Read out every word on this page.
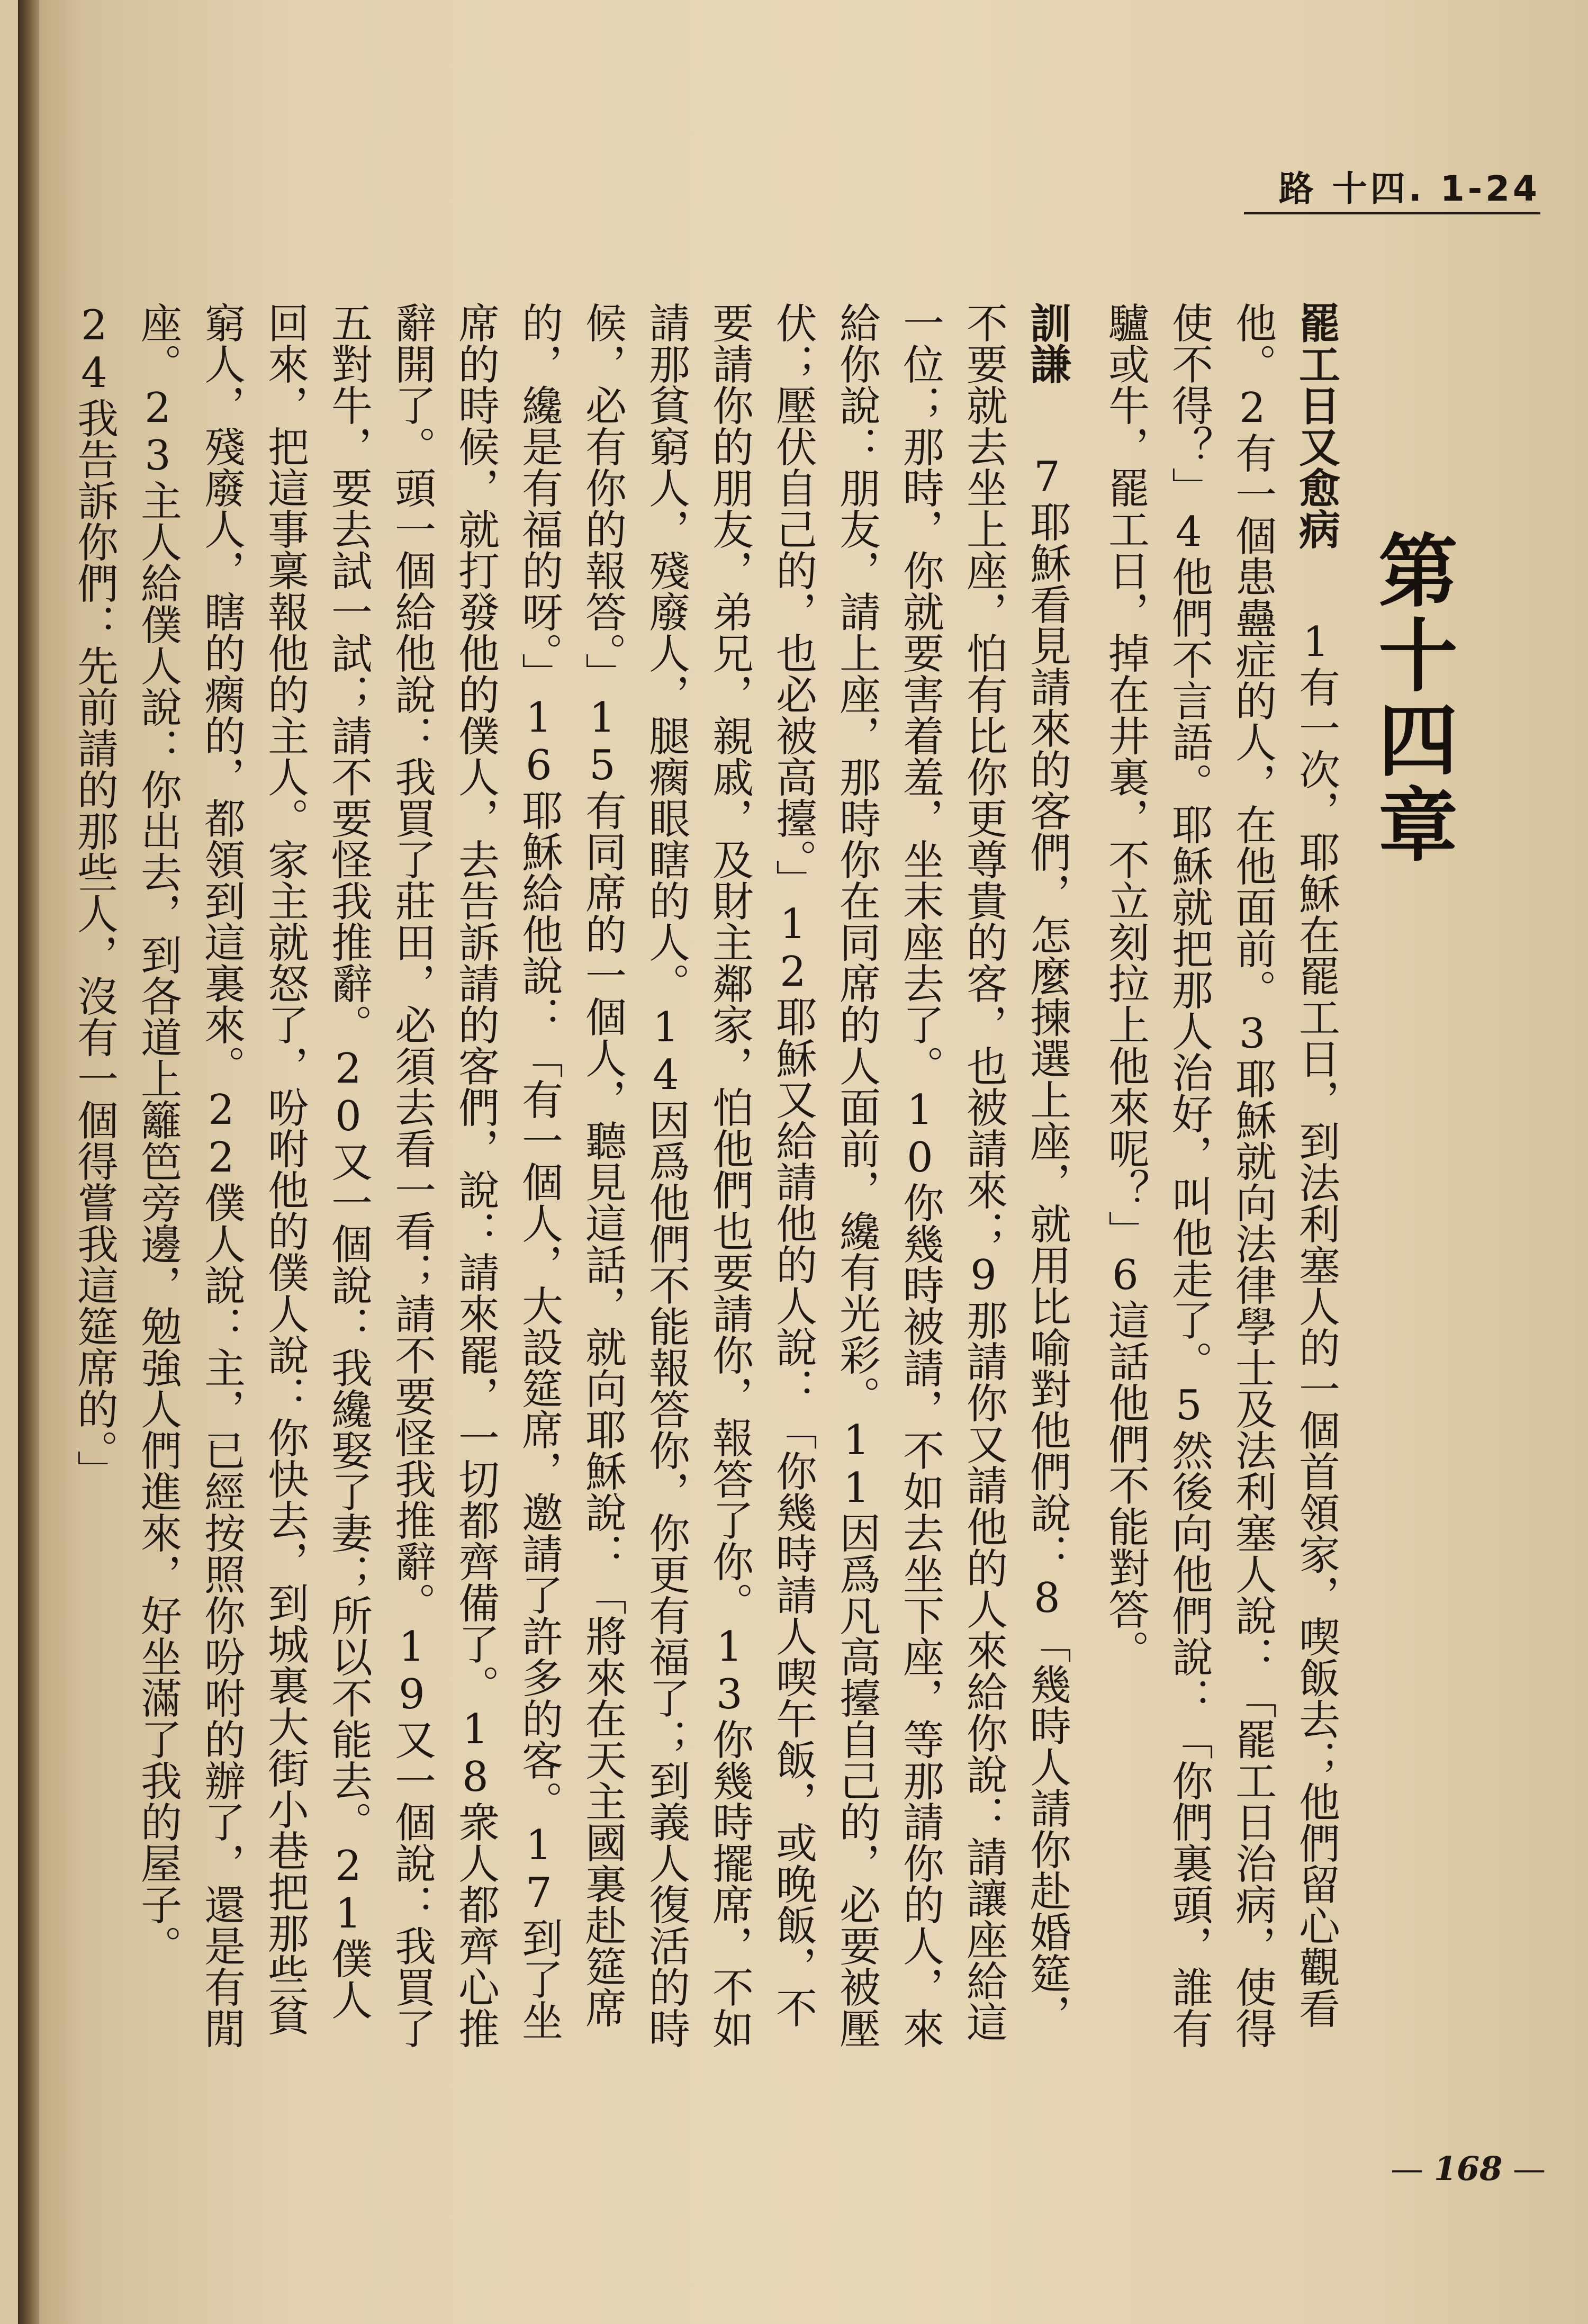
路 十四. 1-24
第十四章

罷工日又愈病 1有一次，耶穌在罷工日，到法利塞人的一個首領家，喫飯去；他們留心觀看他。2有一個患蠱症的人，在他面前。3耶穌就向法律學士及法利塞人說：「罷工日治病，使得使不得？」4他們不言語。耶穌就把那人治好，叫他走了。5然後向他們說：「你們裏頭，誰有驢或牛，罷工日，掉在井裏，不立刻拉上他來呢？」6這話他們不能對答。

訓謙 7耶穌看見請來的客們，怎麼揀選上座，就用比喻對他們說：8「幾時人請你赴婚筵，不要就去坐上座，怕有比你更尊貴的客，也被請來；9那請你又請他的人來給你說：請讓座給這一位；那時，你就要害着羞，坐末座去了。10你幾時被請，不如去坐下座，等那請你的人，來給你說：朋友，請上座，那時你在同席的人面前，纔有光彩。11因爲凡高擡自己的，必要被壓伏；壓伏自己的，也必被高擡。」12耶穌又給請他的人說：「你幾時請人喫午飯，或晚飯，不要請你的朋友，弟兄，親戚，及財主鄰家，怕他們也要請你，報答了你。13你幾時擺席，不如請那貧窮人，殘廢人，腿瘸眼瞎的人。14因爲他們不能報答你，你更有福了；到義人復活的時候，必有你的報答。」15有同席的一個人，聽見這話，就向耶穌說：「將來在天主國裏赴筵席的，纔是有福的呀。」16耶穌給他說：「有一個人，大設筵席，邀請了許多的客。17到了坐席的時候，就打發他的僕人，去告訴請的客們，說：請來罷，一切都齊備了。18衆人都齊心推辭開了。頭一個給他說：我買了莊田，必須去看一看；請不要怪我推辭。19又一個說：我買了五對牛，要去試一試；請不要怪我推辭。20又一個說：我纔娶了妻；所以不能去。21僕人回來，把這事稟報他的主人。家主就怒了，吩咐他的僕人說：你快去，到城裏大街小巷把那些貧窮人，殘廢人，瞎的瘸的，都領到這裏來。22僕人說：主，已經按照你吩咐的辦了，還是有閒座。23主人給僕人說：你出去，到各道上籬笆旁邊，勉強人們進來，好坐滿了我的屋子。24我告訴你們：先前請的那些人，沒有一個得嘗我這筵席的。」

— 168 —
